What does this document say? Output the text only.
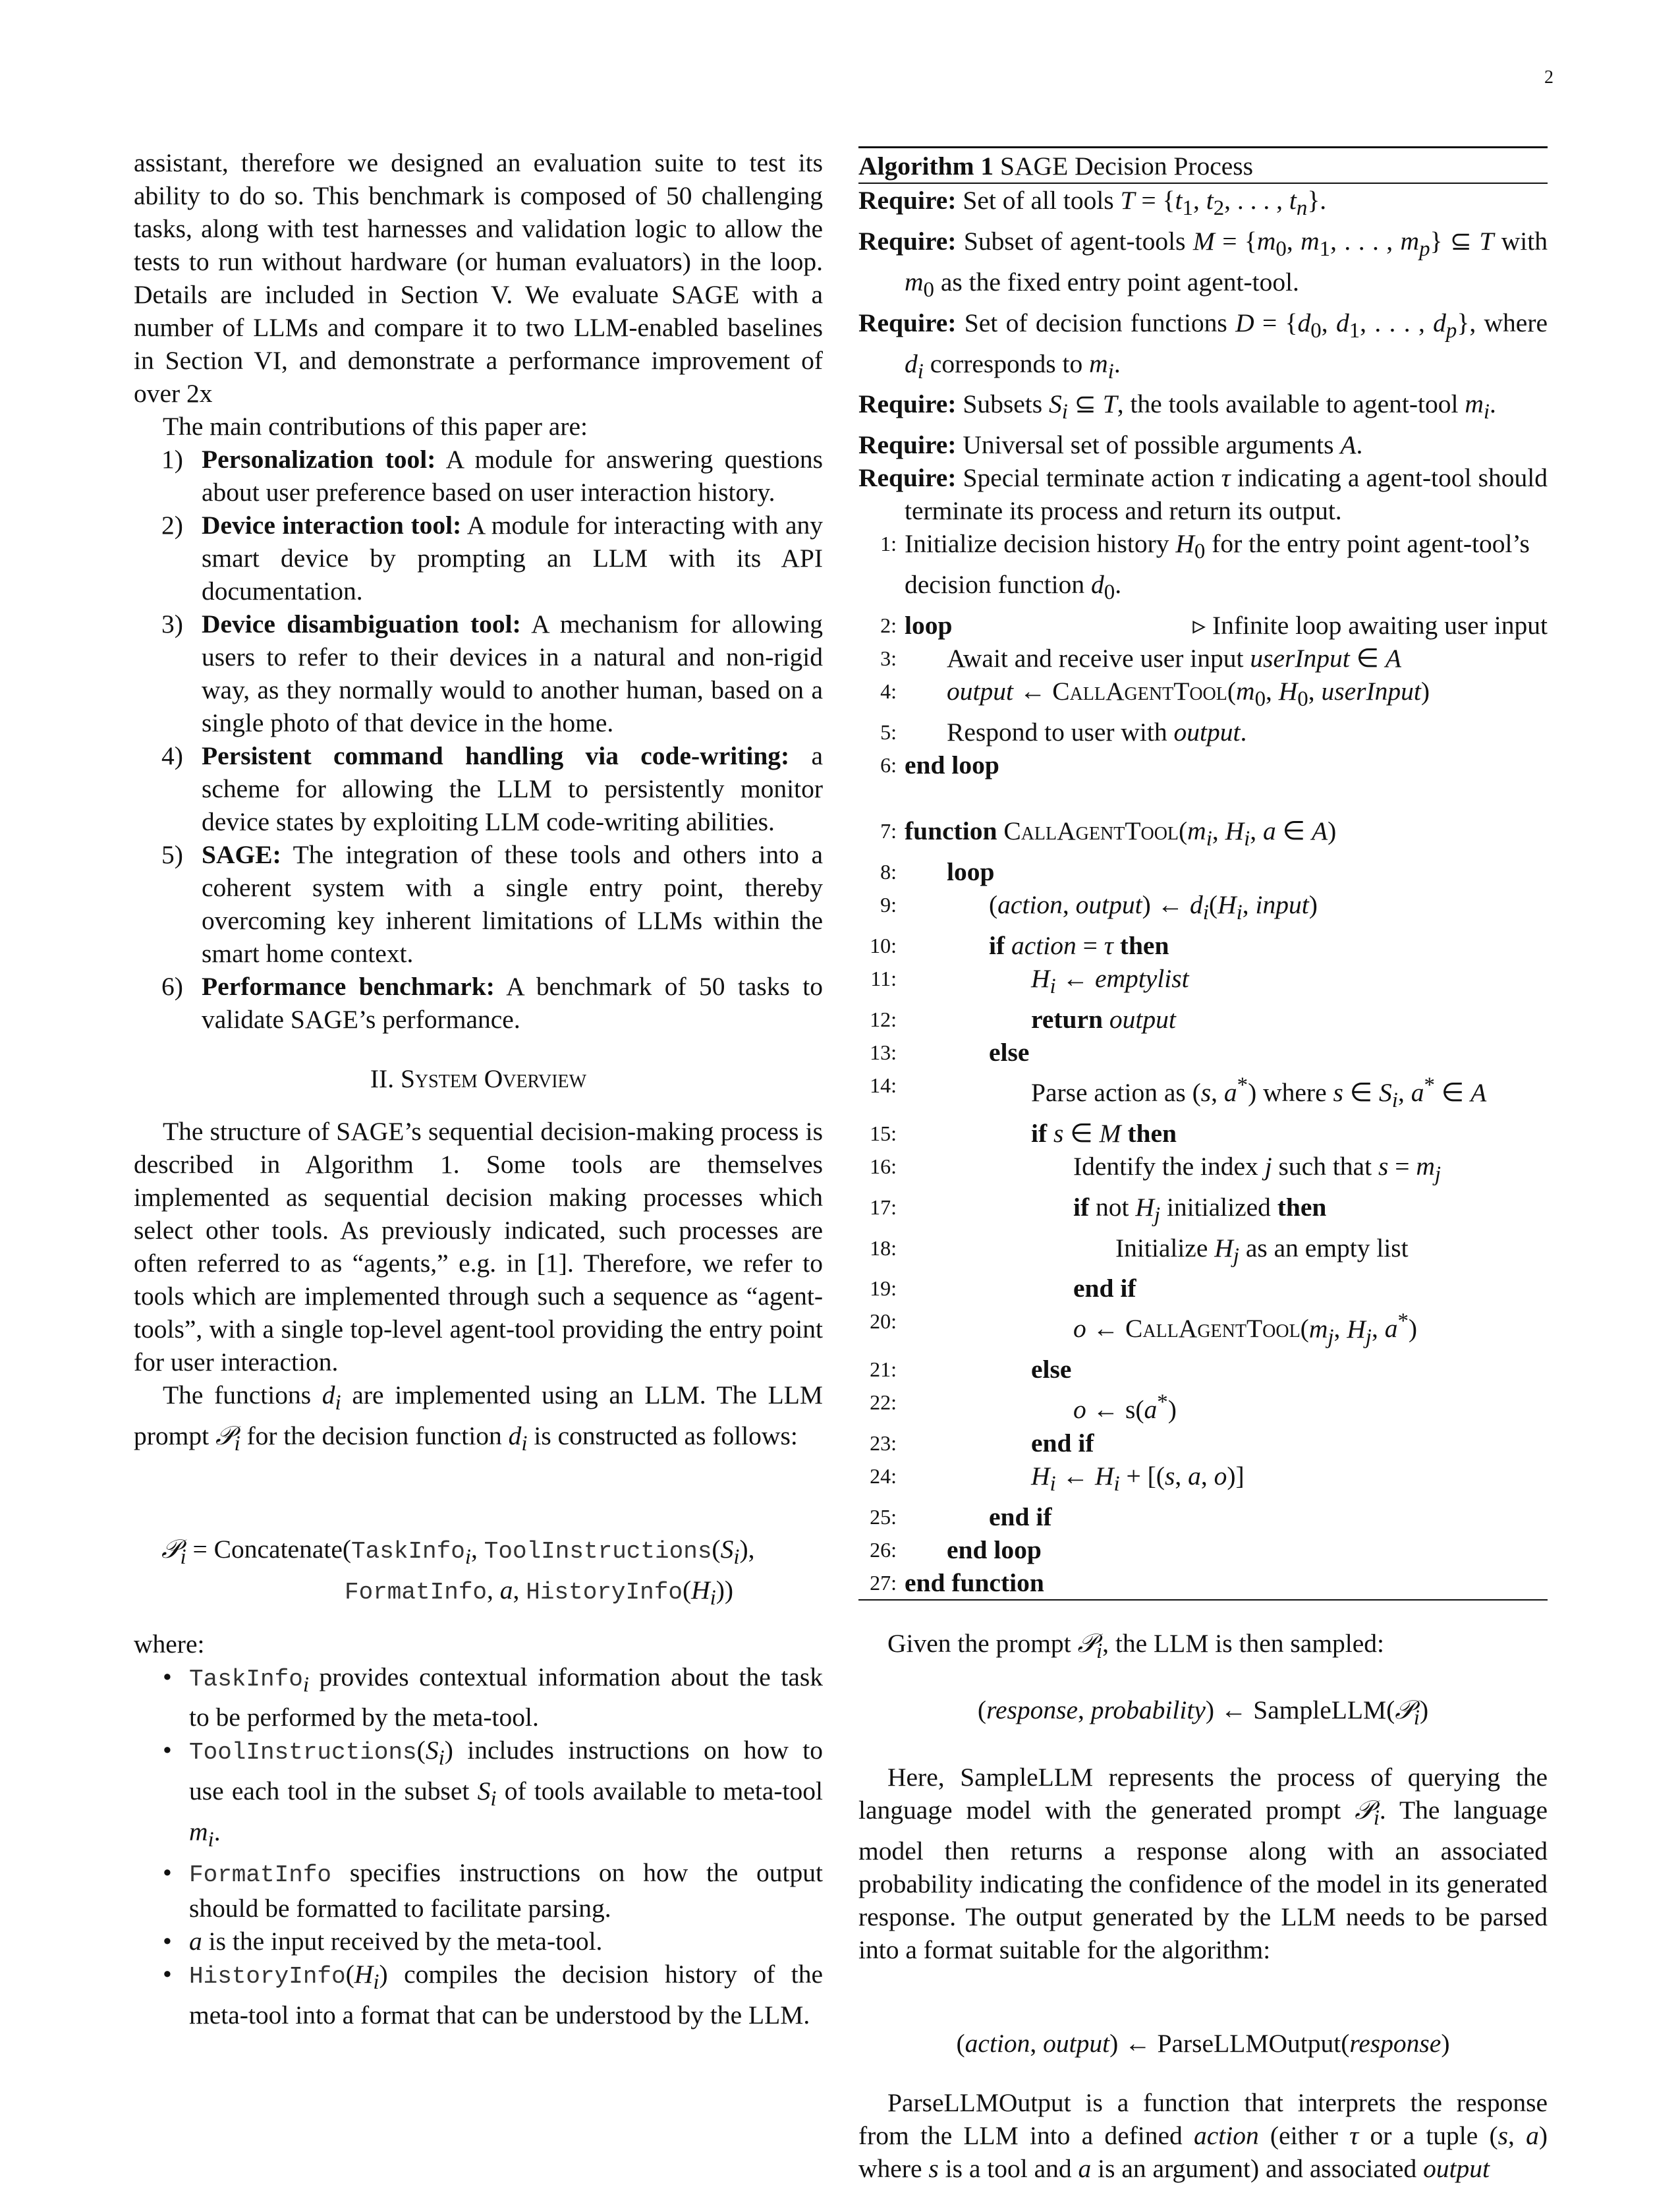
2

assistant, therefore we designed an evaluation suite to test its ability to do so. This benchmark is composed of 50 challenging tasks, along with test harnesses and validation logic to allow the tests to run without hardware (or human evaluators) in the loop. Details are included in Section V. We evaluate SAGE with a number of LLMs and compare it to two LLM-enabled baselines in Section VI, and demonstrate a performance improvement of over 2x

The main contributions of this paper are:

1) Personalization tool: A module for answering questions about user preference based on user interaction history.
2) Device interaction tool: A module for interacting with any smart device by prompting an LLM with its API documentation.
3) Device disambiguation tool: A mechanism for allowing users to refer to their devices in a natural and non-rigid way, as they normally would to another human, based on a single photo of that device in the home.
4) Persistent command handling via code-writing: a scheme for allowing the LLM to persistently monitor device states by exploiting LLM code-writing abilities.
5) SAGE: The integration of these tools and others into a coherent system with a single entry point, thereby overcoming key inherent limitations of LLMs within the smart home context.
6) Performance benchmark: A benchmark of 50 tasks to validate SAGE’s performance.
II. System Overview

The structure of SAGE’s sequential decision-making process is described in Algorithm 1. Some tools are themselves implemented as sequential decision making processes which select other tools. As previously indicated, such processes are often referred to as “agents,” e.g. in [1]. Therefore, we refer to tools which are implemented through such a sequence as “agent-tools”, with a single top-level agent-tool providing the entry point for user interaction.

The functions $d_i$ are implemented using an LLM. The LLM prompt 𝒫$_i$ for the decision function $d_i$ is constructed as follows:

𝒫$_i$ = Concatenate(TaskInfo$_i$, $ToolInstructions(S_i)$,
FormatInfo, a, $HistoryInfo(H_i)$)

where:

• TaskInfo$_i$ provides contextual information about the task to be performed by the meta-tool.
• $ToolInstructions(S_i)$ includes instructions on how to use each tool in the subset $S_i$ of tools available to meta-tool $m_i$.
• FormatInfo specifies instructions on how the output should be formatted to facilitate parsing.
• a is the input received by the meta-tool.
• $HistoryInfo(H_i)$ compiles the decision history of the meta-tool into a format that can be understood by the LLM.
Algorithm 1 SAGE Decision Process
Require: Set of all tools $T = \{t_1$, $t_2$, . . . , $t_n$}.
Require: Subset of agent-tools $M = \{m_0$, $m_1$, . . . , $m_p$} ⊆ T with $m_0$ as the fixed entry point agent-tool.
Require: Set of decision functions $D = \{d_0$, $d_1$, . . . , $d_p$}, where $d_i$ corresponds to $m_i$.
Require: Subsets $S_i$ ⊆ T, the tools available to agent-tool $m_i$.
Require: Universal set of possible arguments A.
Require: Special terminate action τ indicating a agent-tool should terminate its process and return its output.
1: Initialize decision history $H_0$ for the entry point agent-tool’s decision function $d_0$.
2: loop	▹ Infinite loop awaiting user input
3: Await and receive user input userInput ∈ A
4: output ← $CallAgentTool(m_0$, $H_0$, userInput)
5: Respond to user with output.
6: end loop
7: function $CallAgentTool(m_i$, $H_i$, a ∈ A)
8: loop
9:	(action, output) ← $d_i(H_i$, input)
10:	if action = τ then
11:	$H_i$ ← emptylist
12:	return output
13:	else
14:	Parse action as (s, a*) where s ∈ $S_i$, a* ∈ A
15:	if s ∈ M then
16:	Identify the index j such that $s = m_j$
17:	if not $H_j$ initialized then
18:	Initialize $H_j$ as an empty list
19:	end if
20:	o ← $CallAgentTool(m_j$, $H_j$, a*)
21:	else
22:	o ← s(a*)
23:	end if
24:	$H_i$ ← $H_i + [(s$, a, o)]
25:	end if
26: end loop
27: end function

Given the prompt 𝒫$_i$, the LLM is then sampled:

(response, probability) ← SampleLLM(𝒫$_i$)

Here, SampleLLM represents the process of querying the language model with the generated prompt 𝒫$_i$. The language model then returns a response along with an associated probability indicating the confidence of the model in its generated response. The output generated by the LLM needs to be parsed into a format suitable for the algorithm:

(action, output) ← ParseLLMOutput(response)

ParseLLMOutput is a function that interprets the response from the LLM into a defined action (either τ or a tuple (s, a) where s is a tool and a is an argument) and associated output
